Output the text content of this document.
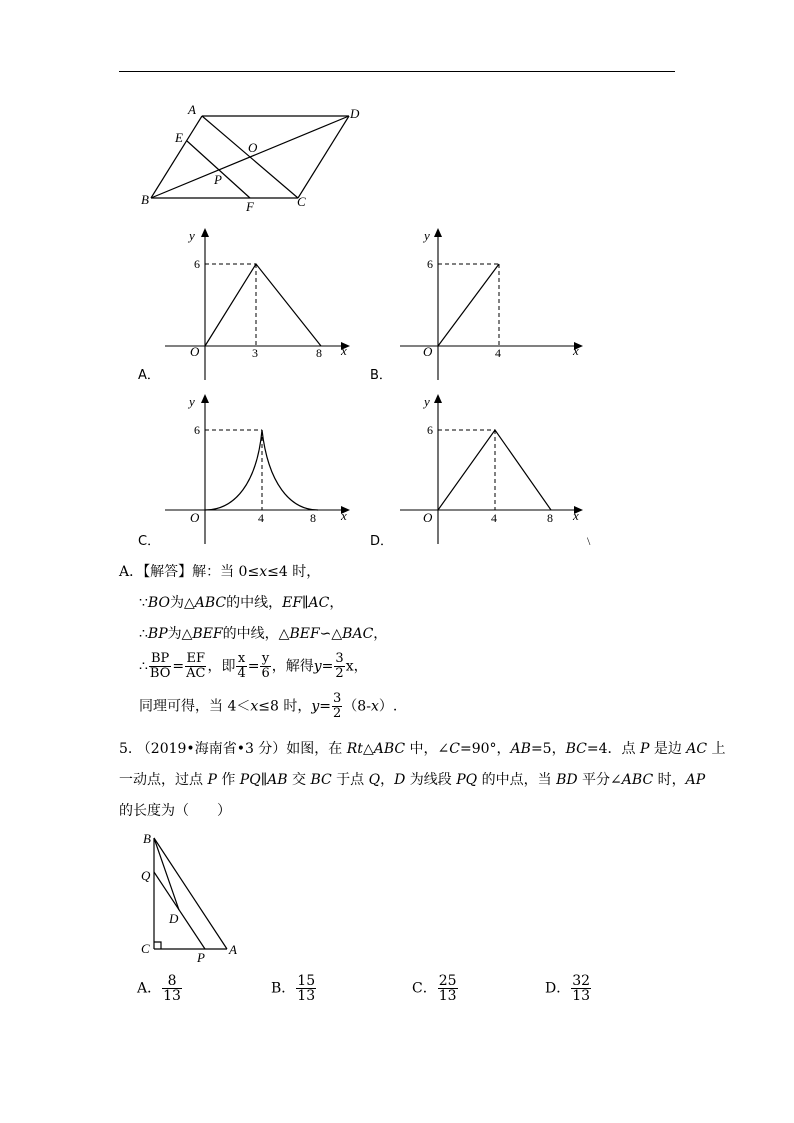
A	D
E
O
P
B	F	C
y
x
O
6
3	8
A．
y
x
O
6
4
B．
y
x
O
6
4	8
C．
y
x
O
6
4	8
D．	\
A．【解答】解：当 0≤x≤4 时，
∵BO为△ABC的中线，EF∥AC，
∴BP为△BEF的中线，△BEF∽△BAC，
∴ $\frac{BP}{BO} = \frac{EF}{AC}$ ，即 $\frac{x}{4} = \frac{y}{6}$ ，解得$y= \frac{3}{2}$ x，
同理可得，当 4＜x≤8 时，$y= \frac{3}{2} (8-x)$.
5. （2019•海南省•3 分）如图，在 Rt△ABC 中，∠C=90°，AB=5，BC=4．点 P 是边 AC 上
一动点，过点 P 作 PQ∥AB 交 BC 于点 Q，D 为线段 PQ 的中点，当 BD 平分∠ABC 时，AP
的长度为（　　）
B
Q
D
C
P
A
A． $\frac{8}{13}$	B． $\frac{15}{13}$	C． $\frac{25}{13}$	D． $\frac{32}{13}$
